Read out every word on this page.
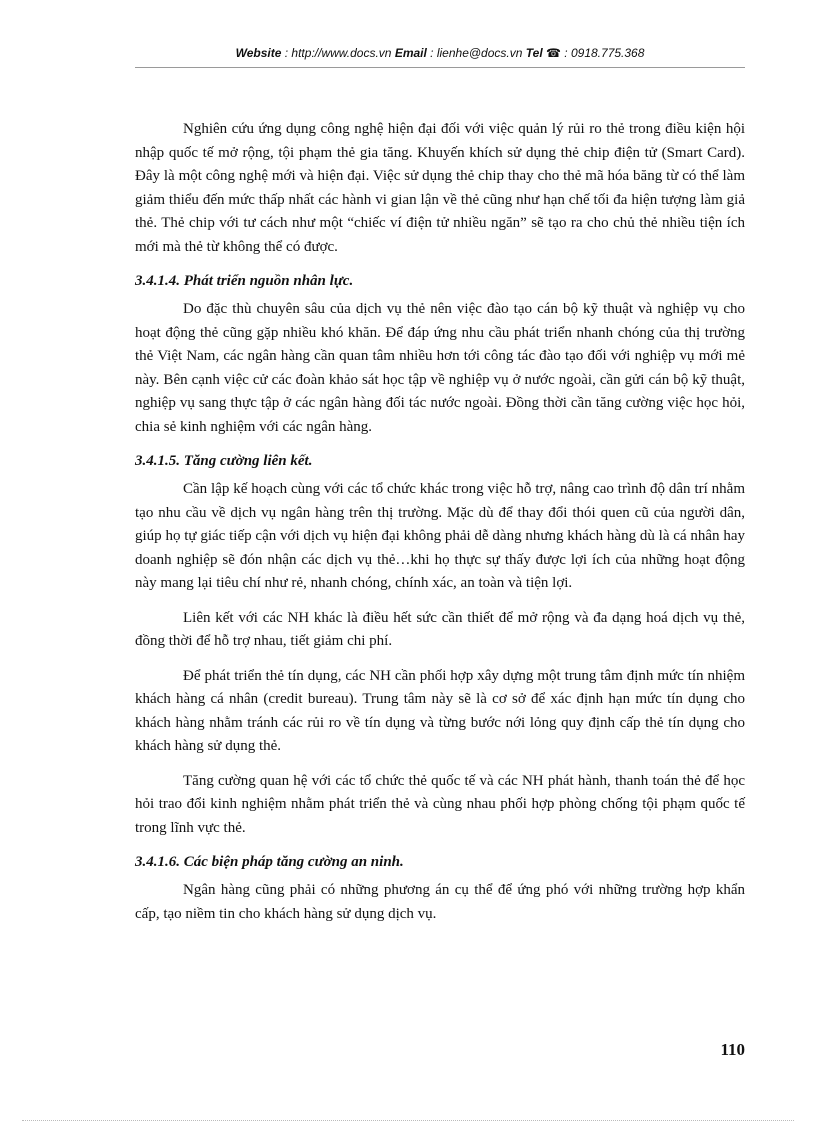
Website : http://www.docs.vn Email : lienhe@docs.vn Tel ☎ : 0918.775.368

Nghiên cứu ứng dụng công nghệ hiện đại đối với việc quản lý rủi ro thẻ trong điều kiện hội nhập quốc tế mở rộng, tội phạm thẻ gia tăng. Khuyến khích sử dụng thẻ chip điện tử (Smart Card). Đây là một công nghệ mới và hiện đại. Việc sử dụng thẻ chip thay cho thẻ mã hóa băng từ có thể làm giảm thiểu đến mức thấp nhất các hành vi gian lận về thẻ cũng như hạn chế tối đa hiện tượng làm giả thẻ. Thẻ chip với tư cách như một “chiếc ví điện tử nhiều ngăn” sẽ tạo ra cho chủ thẻ nhiều tiện ích mới mà thẻ từ không thể có được.

3.4.1.4. Phát triển nguồn nhân lực.

Do đặc thù chuyên sâu của dịch vụ thẻ nên việc đào tạo cán bộ kỹ thuật và nghiệp vụ cho hoạt động thẻ cũng gặp nhiều khó khăn. Để đáp ứng nhu cầu phát triển nhanh chóng của thị trường thẻ Việt Nam, các ngân hàng cần quan tâm nhiều hơn tới công tác đào tạo đối với nghiệp vụ mới mẻ này. Bên cạnh việc cử các đoàn khảo sát học tập về nghiệp vụ ở nước ngoài, cần gửi cán bộ kỹ thuật, nghiệp vụ sang thực tập ở các ngân hàng đối tác nước ngoài. Đồng thời cần tăng cường việc học hỏi, chia sẻ kinh nghiệm với các ngân hàng.

3.4.1.5. Tăng cường liên kết.

Cần lập kế hoạch cùng với các tổ chức khác trong việc hỗ trợ, nâng cao trình độ dân trí nhằm tạo nhu cầu về dịch vụ ngân hàng trên thị trường. Mặc dù để thay đổi thói quen cũ của người dân, giúp họ tự giác tiếp cận với dịch vụ hiện đại không phải dễ dàng nhưng khách hàng dù là cá nhân hay doanh nghiệp sẽ đón nhận các dịch vụ thẻ…khi họ thực sự thấy được lợi ích của những hoạt động này mang lại tiêu chí như rẻ, nhanh chóng, chính xác, an toàn và tiện lợi.

Liên kết với các NH khác là điều hết sức cần thiết để mở rộng và đa dạng hoá dịch vụ thẻ, đồng thời để hỗ trợ nhau, tiết giảm chi phí.

Để phát triển thẻ tín dụng, các NH cần phối hợp xây dựng một trung tâm định mức tín nhiệm khách hàng cá nhân (credit bureau). Trung tâm này sẽ là cơ sở để xác định hạn mức tín dụng cho khách hàng nhằm tránh các rủi ro về tín dụng và từng bước nới lỏng quy định cấp thẻ tín dụng cho khách hàng sử dụng thẻ.

Tăng cường quan hệ với các tổ chức thẻ quốc tế và các NH phát hành, thanh toán thẻ để học hỏi trao đổi kinh nghiệm nhằm phát triển thẻ và cùng nhau phối hợp phòng chống tội phạm quốc tế trong lĩnh vực thẻ.

3.4.1.6. Các biện pháp tăng cường an ninh.

Ngân hàng cũng phải có những phương án cụ thể để ứng phó với những trường hợp khẩn cấp, tạo niềm tin cho khách hàng sử dụng dịch vụ.

110
